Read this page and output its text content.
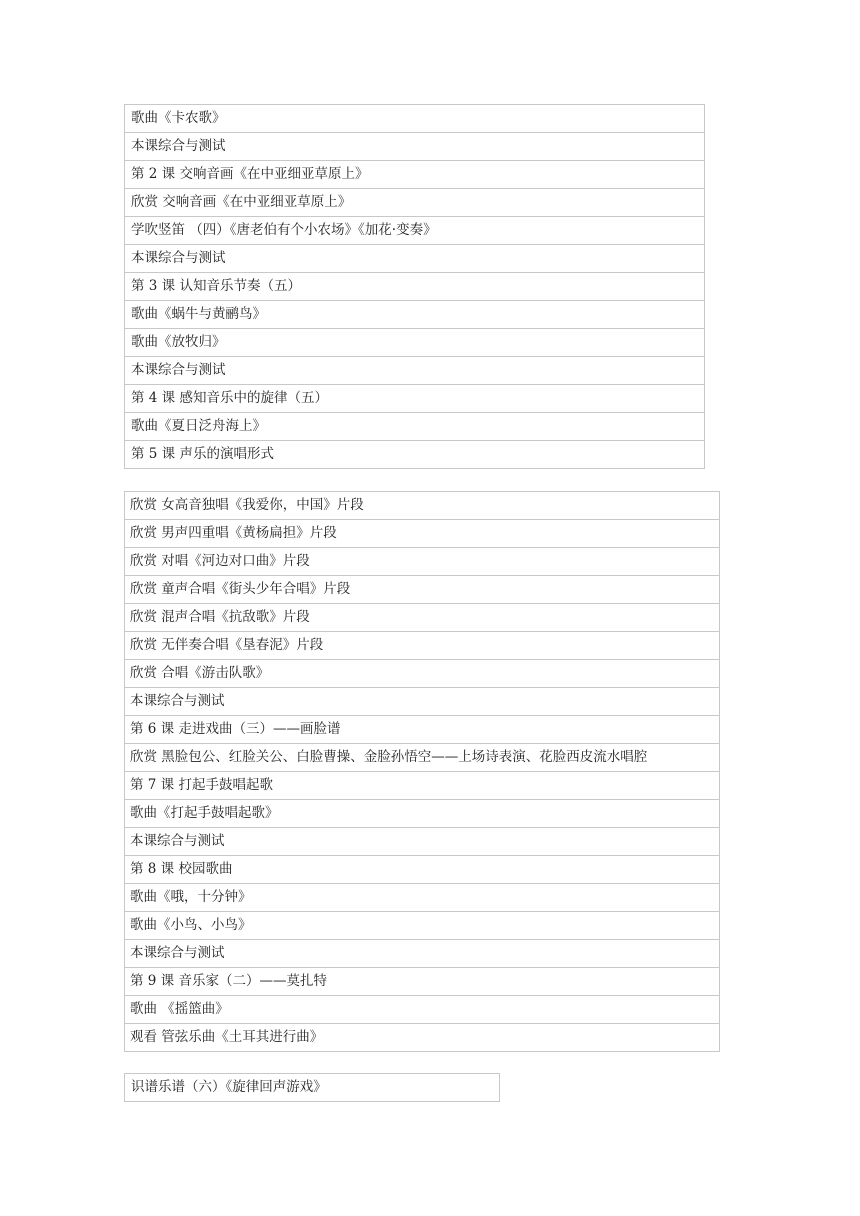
歌曲《卡农歌》
本课综合与测试
第 2 课 交响音画《在中亚细亚草原上》
欣赏 交响音画《在中亚细亚草原上》
学吹竖笛 （四）《唐老伯有个小农场》《加花·变奏》
本课综合与测试
第 3 课 认知音乐节奏（五）
歌曲《蜗牛与黄鹂鸟》
歌曲《放牧归》
本课综合与测试
第 4 课 感知音乐中的旋律（五）
歌曲《夏日泛舟海上》
第 5 课 声乐的演唱形式
欣赏 女高音独唱《我爱你，中国》片段
欣赏 男声四重唱《黄杨扁担》片段
欣赏 对唱《河边对口曲》片段
欣赏 童声合唱《街头少年合唱》片段
欣赏 混声合唱《抗敌歌》片段
欣赏 无伴奏合唱《垦春泥》片段
欣赏 合唱《游击队歌》
本课综合与测试
第 6 课 走进戏曲（三）——画脸谱
欣赏 黑脸包公、红脸关公、白脸曹操、金脸孙悟空——上场诗表演、花脸西皮流水唱腔
第 7 课 打起手鼓唱起歌
歌曲《打起手鼓唱起歌》
本课综合与测试
第 8 课 校园歌曲
歌曲《哦，十分钟》
歌曲《小鸟、小鸟》
本课综合与测试
第 9 课 音乐家（二）——莫扎特
歌曲 《摇篮曲》
观看 管弦乐曲《土耳其进行曲》
识谱乐谱（六）《旋律回声游戏》
